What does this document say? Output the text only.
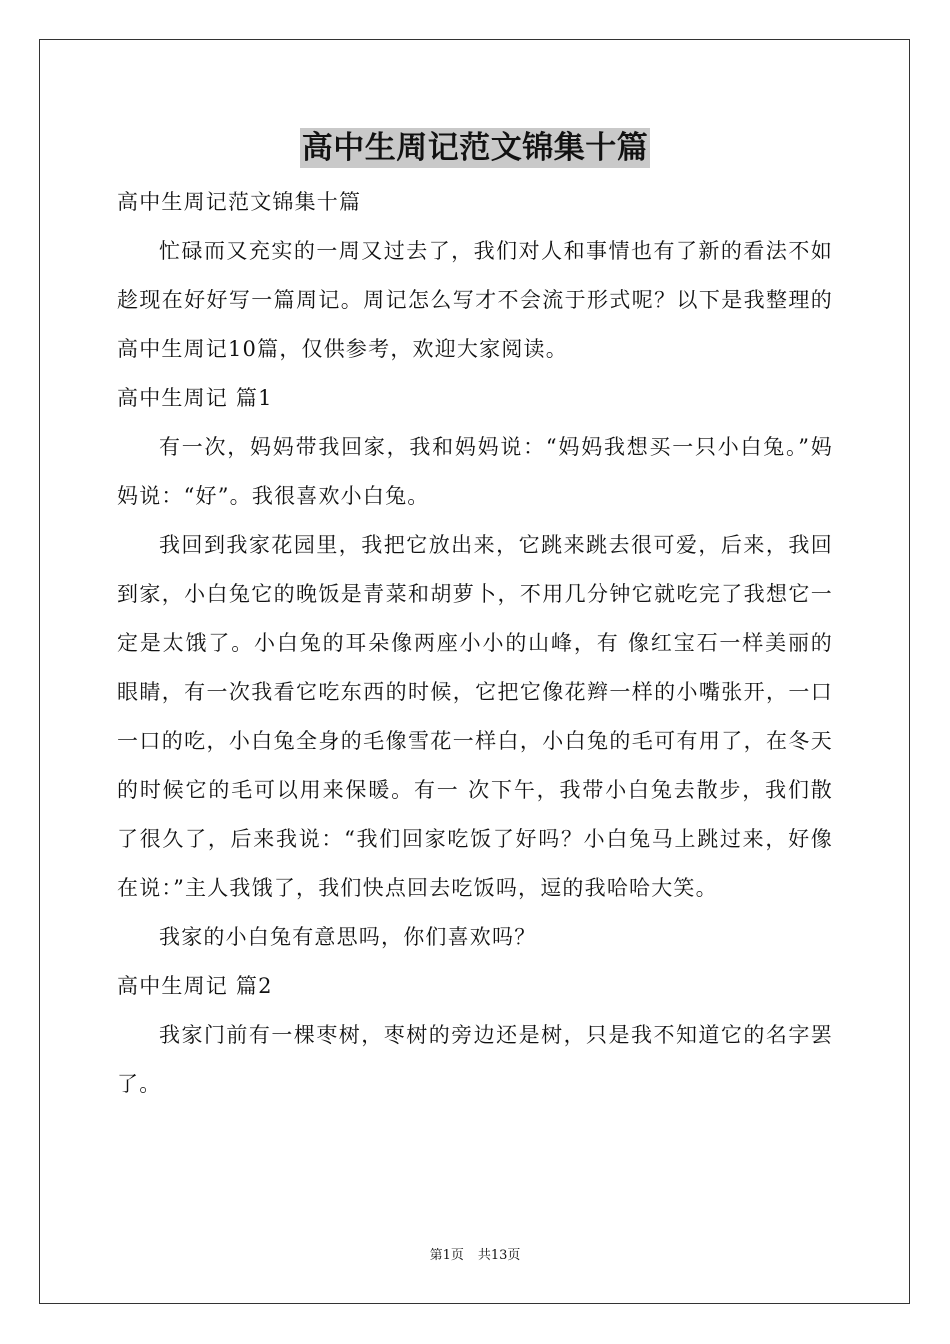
高中生周记范文锦集十篇

高中生周记范文锦集十篇

忙碌而又充实的一周又过去了，我们对人和事情也有了新的看法不如趁现在好好写一篇周记。周记怎么写才不会流于形式呢？以下是我整理的高中生周记10篇，仅供参考，欢迎大家阅读。

高中生周记 篇1

有一次，妈妈带我回家，我和妈妈说：“妈妈我想买一只小白兔。”妈妈说：“好”。我很喜欢小白兔。

我回到我家花园里，我把它放出来，它跳来跳去很可爱，后来，我回到家，小白兔它的晚饭是青菜和胡萝卜，不用几分钟它就吃完了我想它一定是太饿了。小白兔的耳朵像两座小小的山峰，有 像红宝石一样美丽的眼睛，有一次我看它吃东西的时候，它把它像花辫一样的小嘴张开，一口一口的吃，小白兔全身的毛像雪花一样白，小白兔的毛可有用了，在冬天的时候它的毛可以用来保暖。有一 次下午，我带小白兔去散步，我们散了很久了，后来我说：“我们回家吃饭了好吗？小白兔马上跳过来，好像在说：”主人我饿了，我们快点回去吃饭吗，逗的我哈哈大笑。

我家的小白兔有意思吗，你们喜欢吗？

高中生周记 篇2

我家门前有一棵枣树，枣树的旁边还是树，只是我不知道它的名字罢了。

第1页 共13页
